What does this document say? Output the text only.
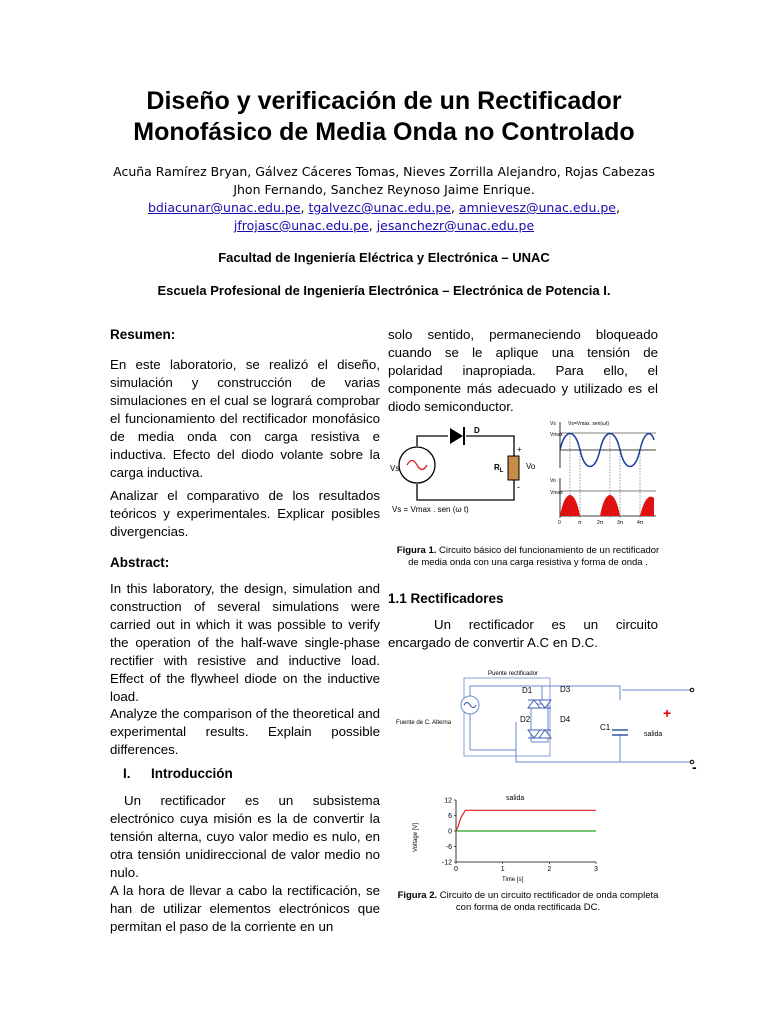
Diseño y verificación de un Rectificador
Monofásico de Media Onda no Controlado
Acuña Ramírez Bryan, Gálvez Cáceres Tomas, Nieves Zorrilla Alejandro, Rojas Cabezas Jhon Fernando, Sanchez Reynoso Jaime Enrique.
bdiacunar@unac.edu.pe, tgalvezc@unac.edu.pe, amnievesz@unac.edu.pe,
jfrojasc@unac.edu.pe, jesanchezr@unac.edu.pe
Facultad de Ingeniería Eléctrica y Electrónica – UNAC
Escuela Profesional de Ingeniería Electrónica – Electrónica de Potencia I.
Resumen:
En este laboratorio, se realizó el diseño, simulación y construcción de varias simulaciones en el cual se logrará comprobar el funcionamiento del rectificador monofásico de media onda con carga resistiva e inductiva. Efecto del diodo volante sobre la carga inductiva.
Analizar el comparativo de los resultados teóricos y experimentales. Explicar posibles divergencias.
Abstract:
In this laboratory, the design, simulation and construction of several simulations were carried out in which it was possible to verify the operation of the half-wave single-phase rectifier with resistive and inductive load. Effect of the flywheel diode on the inductive load.
Analyze the comparison of the theoretical and experimental results. Explain possible differences.
I. Introducción
Un rectificador es un subsistema electrónico cuya misión es la de convertir la tensión alterna, cuyo valor medio es nulo, en otra tensión unidireccional de valor medio no nulo.
A la hora de llevar a cabo la rectificación, se han de utilizar elementos electrónicos que permitan el paso de la corriente en un
solo sentido, permaneciendo bloqueado cuando se le aplique una tensión de polaridad inapropiada. Para ello, el componente más adecuado y utilizado es el diodo semiconductor.
D
$R_L$	Vo
+
-
Vs
Vs = Vmax . sen (ω t)
Vs Vs=Vmax. sen(ωt)
Vmax
Vo
Vmax
0	π	2π	3π	4π
Figura 1. Circuito básico del funcionamiento de un rectificador de media onda con una carga resistiva y forma de onda .
1.1 Rectificadores
Un rectificador es un circuito encargado de convertir A.C en D.C.
Puente rectificador
D1	D3
D2	D4
C1
Fuente de C. Alterna
salida
+
-
salida
Voltage [V]
Time [s]
12
6
0
-6
-12
0	1	2	3
Figura 2. Circuito de un circuito rectificador de onda completa con forma de onda rectificada DC.
